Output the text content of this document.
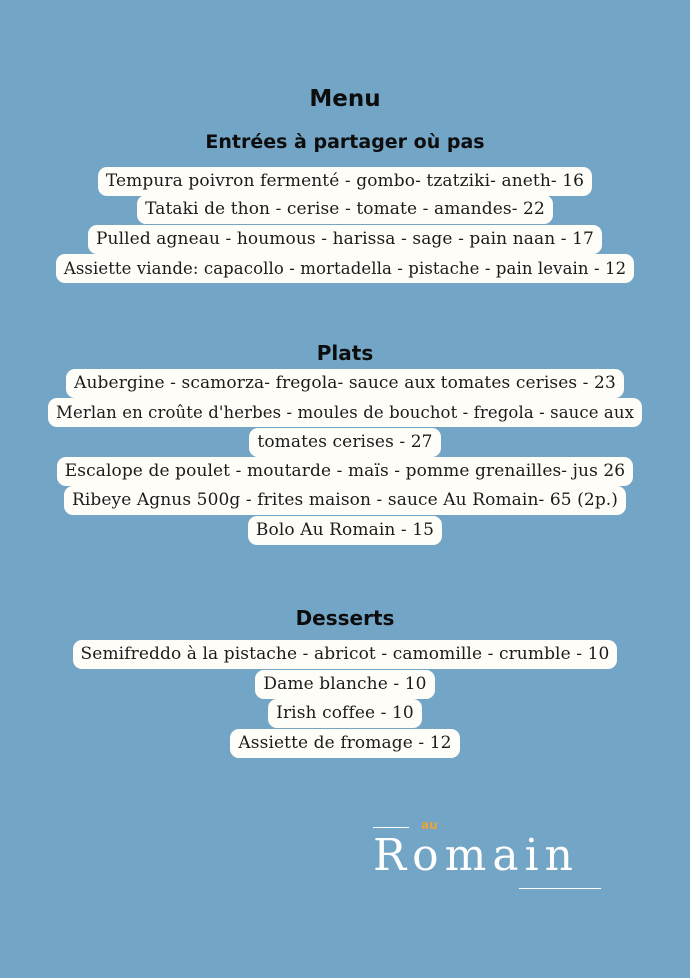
Menu
Entrées à partager où pas
Tempura poivron fermenté - gombo- tzatziki- aneth- 16
Tataki de thon - cerise - tomate - amandes- 22
Pulled agneau - houmous - harissa - sage - pain naan - 17
Assiette viande: capacollo - mortadella - pistache - pain levain - 12
Plats
Aubergine - scamorza- fregola- sauce aux tomates cerises - 23
Merlan en croûte d'herbes - moules de bouchot - fregola - sauce aux
tomates cerises - 27
Escalope de poulet - moutarde - maïs - pomme grenailles- jus 26
Ribeye Agnus 500g - frites maison - sauce Au Romain- 65 (2p.)
Bolo Au Romain - 15
Desserts
Semifreddo à la pistache - abricot - camomille - crumble - 10
Dame blanche - 10
Irish coffee - 10
Assiette de fromage - 12
au
Romain
